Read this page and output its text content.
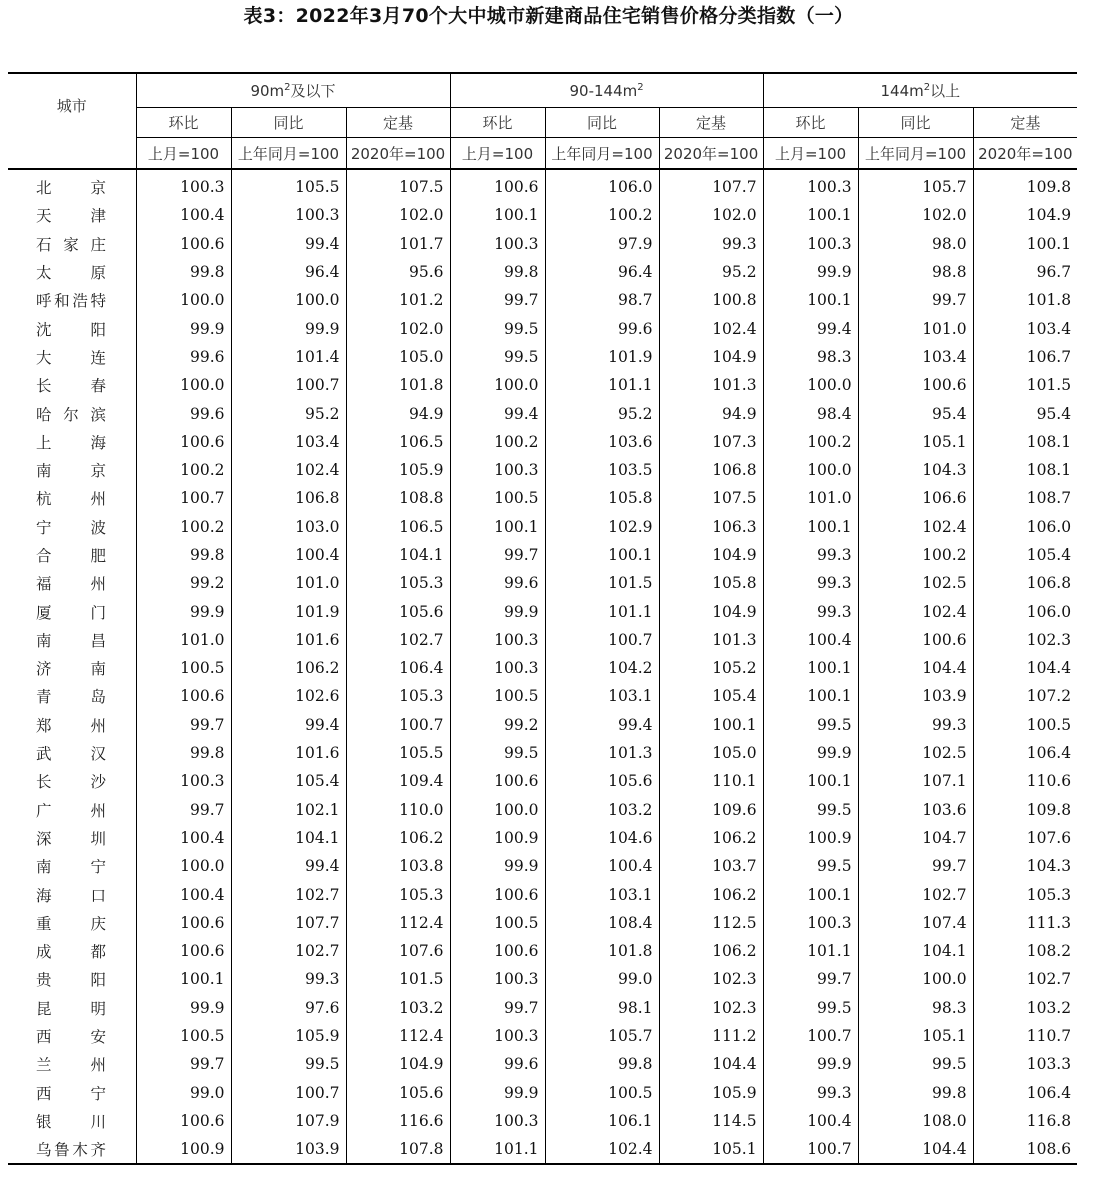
表3：2022年3月70个大中城市新建商品住宅销售价格分类指数（一）
城市	$90m^2$及以下			$90-144m^2$			$144m^2$以上		
	环比	同比	定基	环比	同比	定基	环比	同比	定基
	上月=100	上年同月=100	2020年=100	上月=100	上年同月=100	2020年=100	上月=100	上年同月=100	2020年=100

北 京	100.3	105.5	107.5	100.6	106.0	107.7	100.3	105.7	109.8

天 津	100.4	100.3	102.0	100.1	100.2	102.0	100.1	102.0	104.9

石 家 庄	100.6	99.4	101.7	100.3	97.9	99.3	100.3	98.0	100.1

太 原	99.8	96.4	95.6	99.8	96.4	95.2	99.9	98.8	96.7

呼 和 浩 特	100.0	100.0	101.2	99.7	98.7	100.8	100.1	99.7	101.8

沈 阳	99.9	99.9	102.0	99.5	99.6	102.4	99.4	101.0	103.4

大 连	99.6	101.4	105.0	99.5	101.9	104.9	98.3	103.4	106.7

长 春	100.0	100.7	101.8	100.0	101.1	101.3	100.0	100.6	101.5

哈 尔 滨	99.6	95.2	94.9	99.4	95.2	94.9	98.4	95.4	95.4

上 海	100.6	103.4	106.5	100.2	103.6	107.3	100.2	105.1	108.1

南 京	100.2	102.4	105.9	100.3	103.5	106.8	100.0	104.3	108.1

杭 州	100.7	106.8	108.8	100.5	105.8	107.5	101.0	106.6	108.7

宁 波	100.2	103.0	106.5	100.1	102.9	106.3	100.1	102.4	106.0

合 肥	99.8	100.4	104.1	99.7	100.1	104.9	99.3	100.2	105.4

福 州	99.2	101.0	105.3	99.6	101.5	105.8	99.3	102.5	106.8

厦 门	99.9	101.9	105.6	99.9	101.1	104.9	99.3	102.4	106.0

南 昌	101.0	101.6	102.7	100.3	100.7	101.3	100.4	100.6	102.3

济 南	100.5	106.2	106.4	100.3	104.2	105.2	100.1	104.4	104.4

青 岛	100.6	102.6	105.3	100.5	103.1	105.4	100.1	103.9	107.2

郑 州	99.7	99.4	100.7	99.2	99.4	100.1	99.5	99.3	100.5

武 汉	99.8	101.6	105.5	99.5	101.3	105.0	99.9	102.5	106.4

长 沙	100.3	105.4	109.4	100.6	105.6	110.1	100.1	107.1	110.6

广 州	99.7	102.1	110.0	100.0	103.2	109.6	99.5	103.6	109.8

深 圳	100.4	104.1	106.2	100.9	104.6	106.2	100.9	104.7	107.6

南 宁	100.0	99.4	103.8	99.9	100.4	103.7	99.5	99.7	104.3

海 口	100.4	102.7	105.3	100.6	103.1	106.2	100.1	102.7	105.3

重 庆	100.6	107.7	112.4	100.5	108.4	112.5	100.3	107.4	111.3

成 都	100.6	102.7	107.6	100.6	101.8	106.2	101.1	104.1	108.2

贵 阳	100.1	99.3	101.5	100.3	99.0	102.3	99.7	100.0	102.7

昆 明	99.9	97.6	103.2	99.7	98.1	102.3	99.5	98.3	103.2

西 安	100.5	105.9	112.4	100.3	105.7	111.2	100.7	105.1	110.7

兰 州	99.7	99.5	104.9	99.6	99.8	104.4	99.9	99.5	103.3

西 宁	99.0	100.7	105.6	99.9	100.5	105.9	99.3	99.8	106.4

银 川	100.6	107.9	116.6	100.3	106.1	114.5	100.4	108.0	116.8

乌 鲁 木 齐	100.9	103.9	107.8	101.1	102.4	105.1	100.7	104.4	108.6
